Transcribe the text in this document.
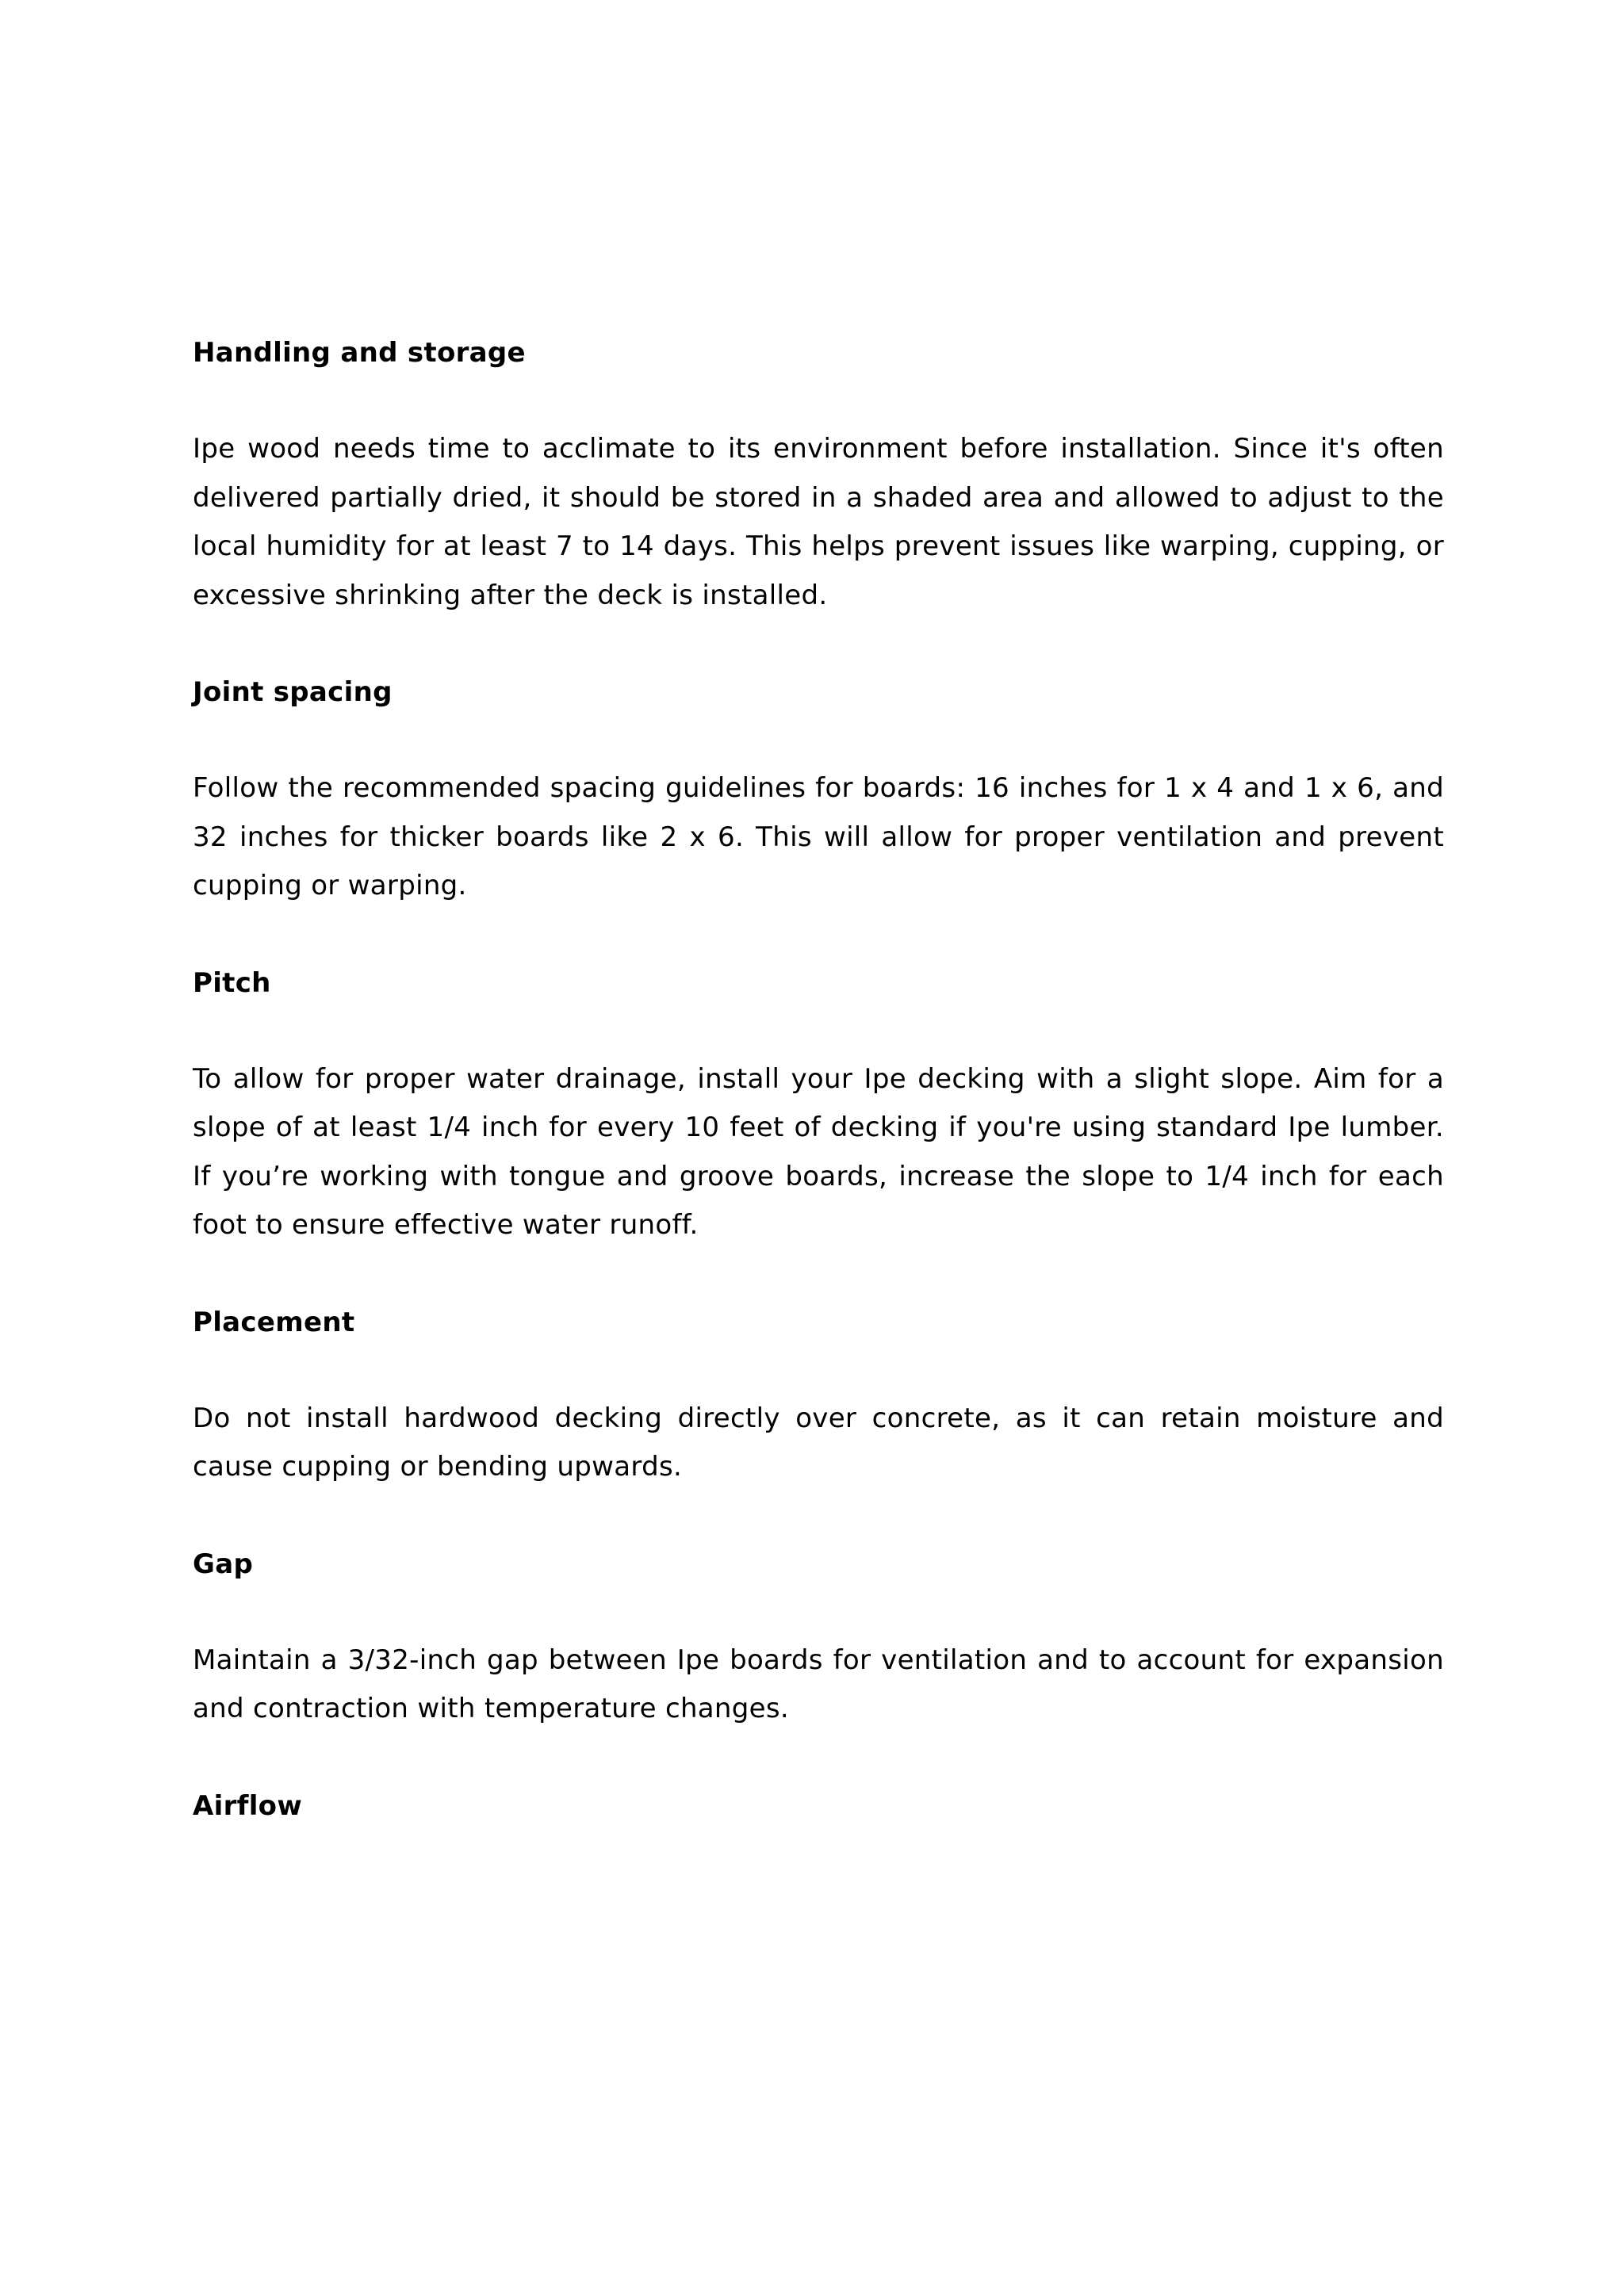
Handling and storage

Ipe wood needs time to acclimate to its environment before installation. Since it's often delivered partially dried, it should be stored in a shaded area and allowed to adjust to the local humidity for at least 7 to 14 days. This helps prevent issues like warping, cupping, or excessive shrinking after the deck is installed.

Joint spacing

Follow the recommended spacing guidelines for boards: 16 inches for 1 x 4 and 1 x 6, and 32 inches for thicker boards like 2 x 6. This will allow for proper ventilation and prevent cupping or warping.

Pitch

To allow for proper water drainage, install your Ipe decking with a slight slope. Aim for a slope of at least 1/4 inch for every 10 feet of decking if you're using standard Ipe lumber. If you’re working with tongue and groove boards, increase the slope to 1/4 inch for each foot to ensure effective water runoff.

Placement

Do not install hardwood decking directly over concrete, as it can retain moisture and cause cupping or bending upwards.

Gap

Maintain a 3/32-inch gap between Ipe boards for ventilation and to account for expansion and contraction with temperature changes.

Airflow
